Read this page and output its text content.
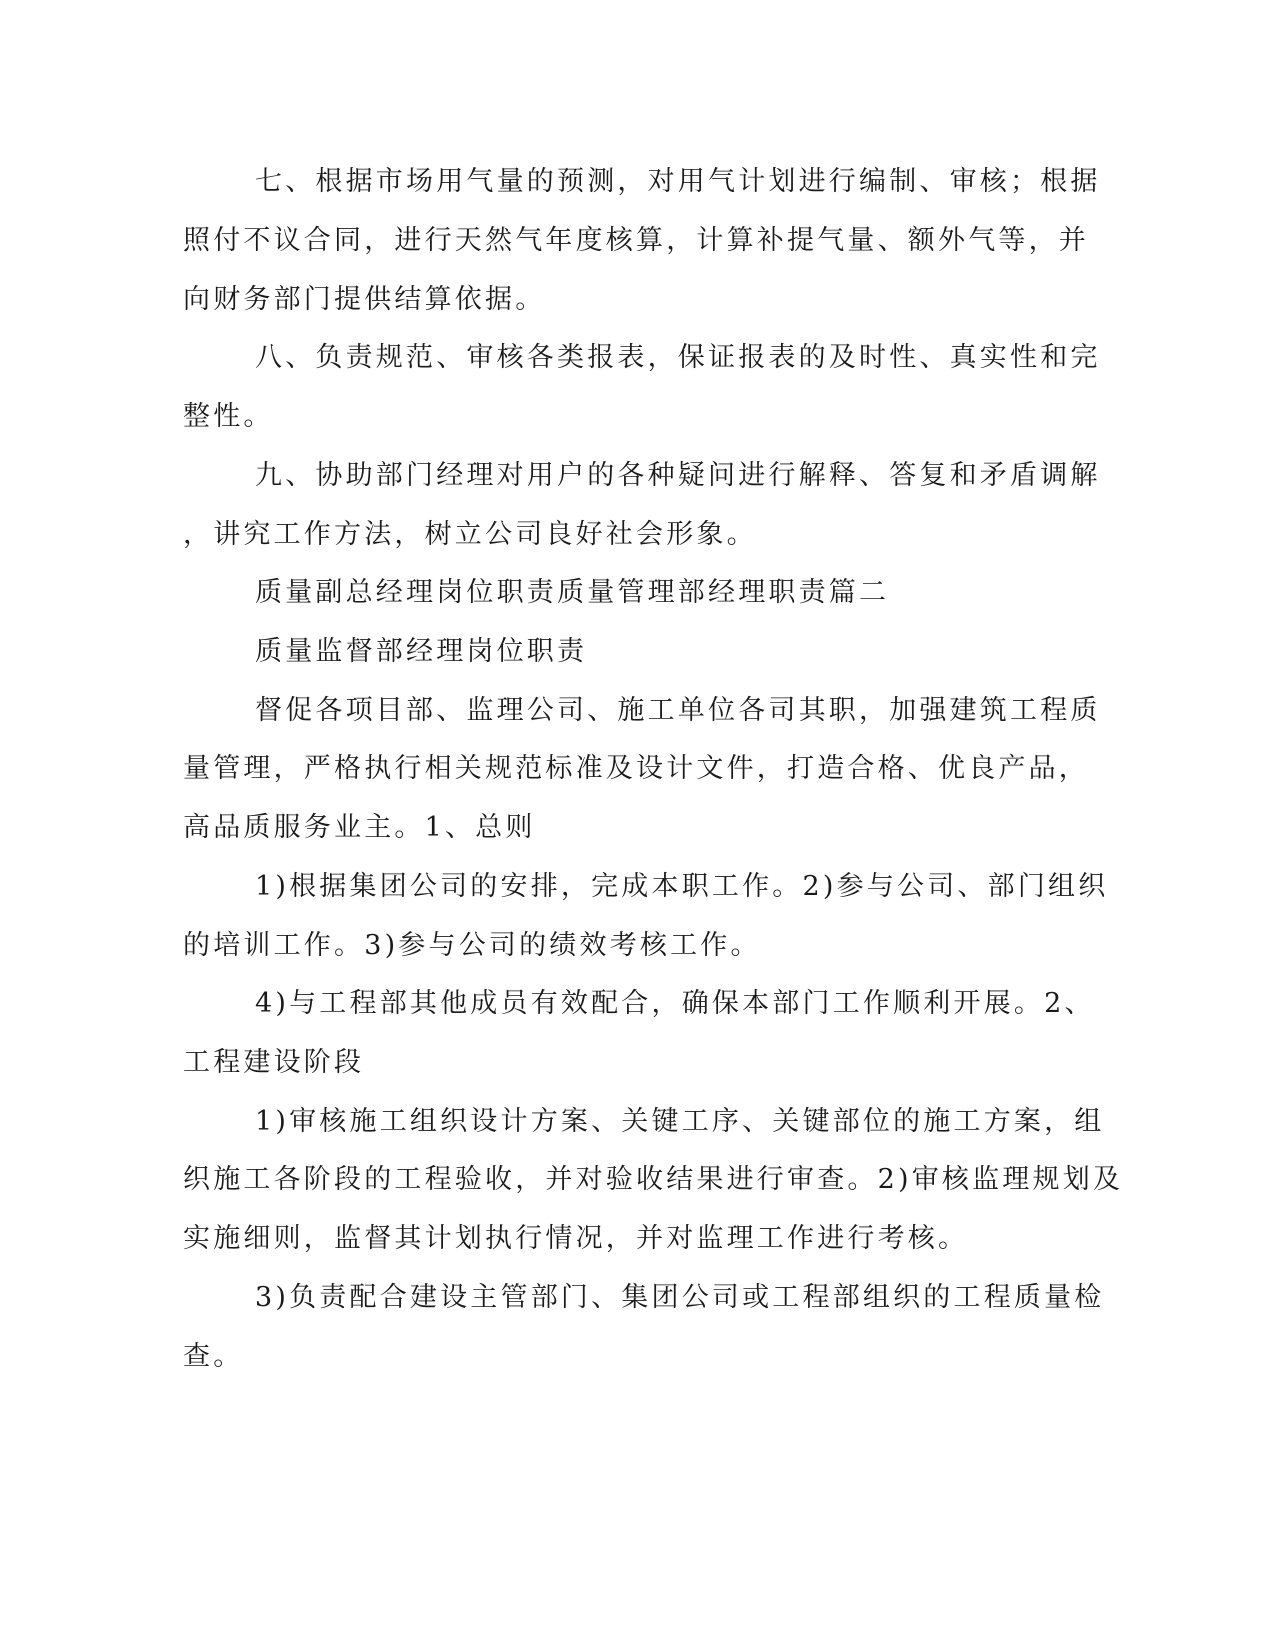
七、根据市场用气量的预测，对用气计划进行编制、审核；根据
照付不议合同，进行天然气年度核算，计算补提气量、额外气等，并
向财务部门提供结算依据。
八、负责规范、审核各类报表，保证报表的及时性、真实性和完
整性。
九、协助部门经理对用户的各种疑问进行解释、答复和矛盾调解
，讲究工作方法，树立公司良好社会形象。
质量副总经理岗位职责质量管理部经理职责篇二
质量监督部经理岗位职责
督促各项目部、监理公司、施工单位各司其职，加强建筑工程质
量管理，严格执行相关规范标准及设计文件，打造合格、优良产品，
高品质服务业主。1、总则
1)根据集团公司的安排，完成本职工作。2)参与公司、部门组织
的培训工作。3)参与公司的绩效考核工作。
4)与工程部其他成员有效配合，确保本部门工作顺利开展。2、
工程建设阶段
1)审核施工组织设计方案、关键工序、关键部位的施工方案，组
织施工各阶段的工程验收，并对验收结果进行审查。2)审核监理规划及
实施细则，监督其计划执行情况，并对监理工作进行考核。
3)负责配合建设主管部门、集团公司或工程部组织的工程质量检
查。
